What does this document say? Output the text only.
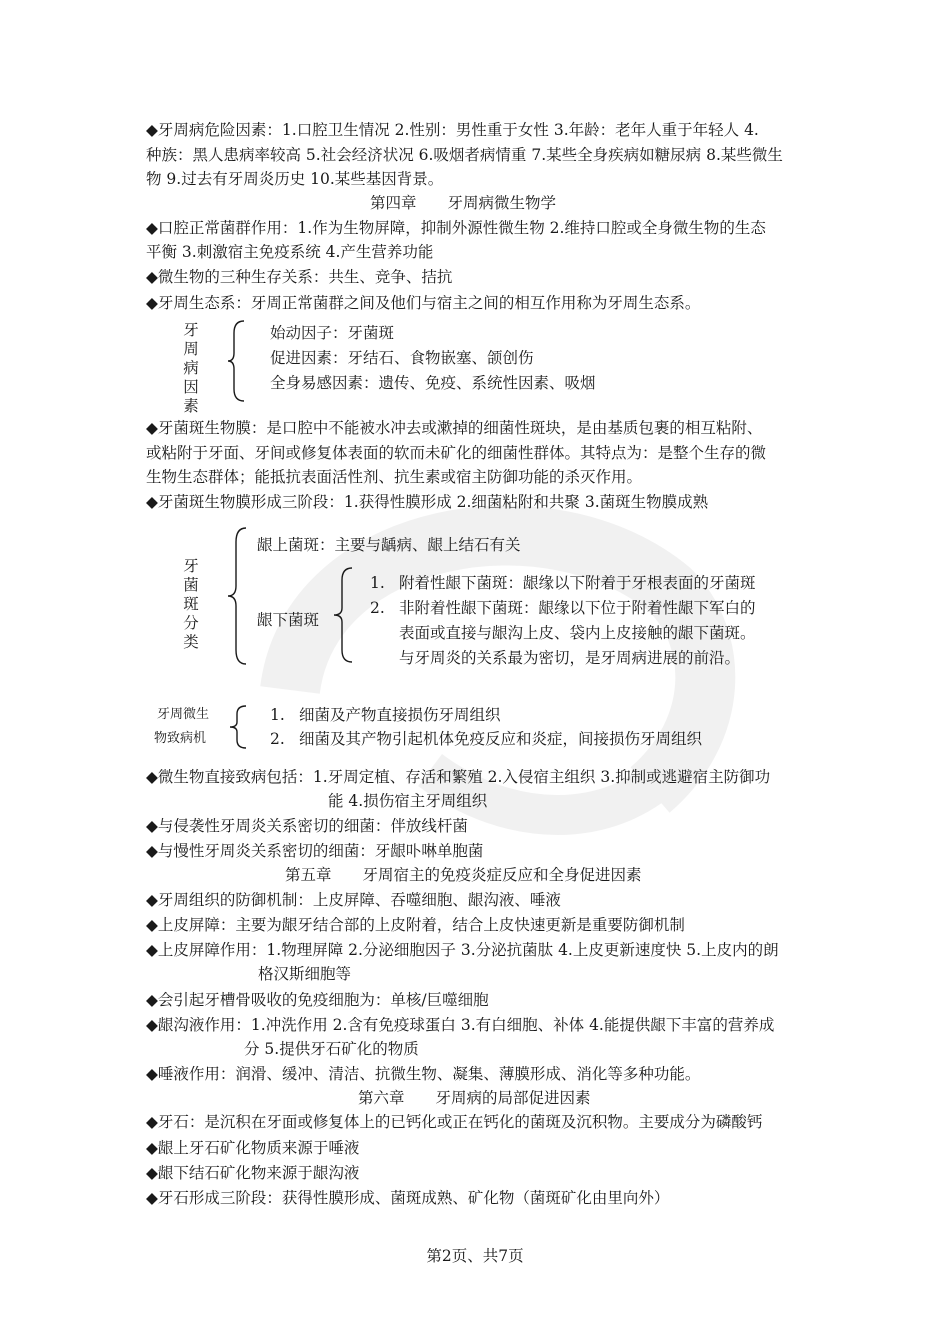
◆牙周病危险因素：1.口腔卫生情况 2.性别：男性重于女性 3.年龄：老年人重于年轻人 4.
种族：黑人患病率较高 5.社会经济状况 6.吸烟者病情重 7.某些全身疾病如糖尿病 8.某些微生
物 9.过去有牙周炎历史 10.某些基因背景。
第四章　　牙周病微生物学
◆口腔正常菌群作用：1.作为生物屏障，抑制外源性微生物 2.维持口腔或全身微生物的生态
平衡 3.刺激宿主免疫系统 4.产生营养功能
◆微生物的三种生存关系：共生、竞争、拮抗
◆牙周生态系：牙周正常菌群之间及他们与宿主之间的相互作用称为牙周生态系。
牙周病因素
始动因子：牙菌斑
促进因素：牙结石、食物嵌塞、颌创伤
全身易感因素：遗传、免疫、系统性因素、吸烟
◆牙菌斑生物膜：是口腔中不能被水冲去或漱掉的细菌性斑块，是由基质包裹的相互粘附、
或粘附于牙面、牙间或修复体表面的软而未矿化的细菌性群体。其特点为：是整个生存的微
生物生态群体；能抵抗表面活性剂、抗生素或宿主防御功能的杀灭作用。
◆牙菌斑生物膜形成三阶段：1.获得性膜形成 2.细菌粘附和共聚 3.菌斑生物膜成熟
牙菌斑分类
龈上菌斑：主要与龋病、龈上结石有关
龈下菌斑
1. 附着性龈下菌斑：龈缘以下附着于牙根表面的牙菌斑
2. 非附着性龈下菌斑：龈缘以下位于附着性龈下军白的
表面或直接与龈沟上皮、袋内上皮接触的龈下菌斑。
与牙周炎的关系最为密切，是牙周病进展的前沿。
牙周微生
物致病机
1. 细菌及产物直接损伤牙周组织
2. 细菌及其产物引起机体免疫反应和炎症，间接损伤牙周组织
◆微生物直接致病包括：1.牙周定植、存活和繁殖 2.入侵宿主组织 3.抑制或逃避宿主防御功
能 4.损伤宿主牙周组织
◆与侵袭性牙周炎关系密切的细菌：伴放线杆菌
◆与慢性牙周炎关系密切的细菌：牙龈卟啉单胞菌
第五章　　牙周宿主的免疫炎症反应和全身促进因素
◆牙周组织的防御机制：上皮屏障、吞噬细胞、龈沟液、唾液
◆上皮屏障：主要为龈牙结合部的上皮附着，结合上皮快速更新是重要防御机制
◆上皮屏障作用：1.物理屏障 2.分泌细胞因子 3.分泌抗菌肽 4.上皮更新速度快 5.上皮内的朗
格汉斯细胞等
◆会引起牙槽骨吸收的免疫细胞为：单核/巨噬细胞
◆龈沟液作用：1.冲洗作用 2.含有免疫球蛋白 3.有白细胞、补体 4.能提供龈下丰富的营养成
分 5.提供牙石矿化的物质
◆唾液作用：润滑、缓冲、清洁、抗微生物、凝集、薄膜形成、消化等多种功能。
第六章　　牙周病的局部促进因素
◆牙石：是沉积在牙面或修复体上的已钙化或正在钙化的菌斑及沉积物。主要成分为磷酸钙
◆龈上牙石矿化物质来源于唾液
◆龈下结石矿化物来源于龈沟液
◆牙石形成三阶段：获得性膜形成、菌斑成熟、矿化物（菌斑矿化由里向外）
第2页、共7页
